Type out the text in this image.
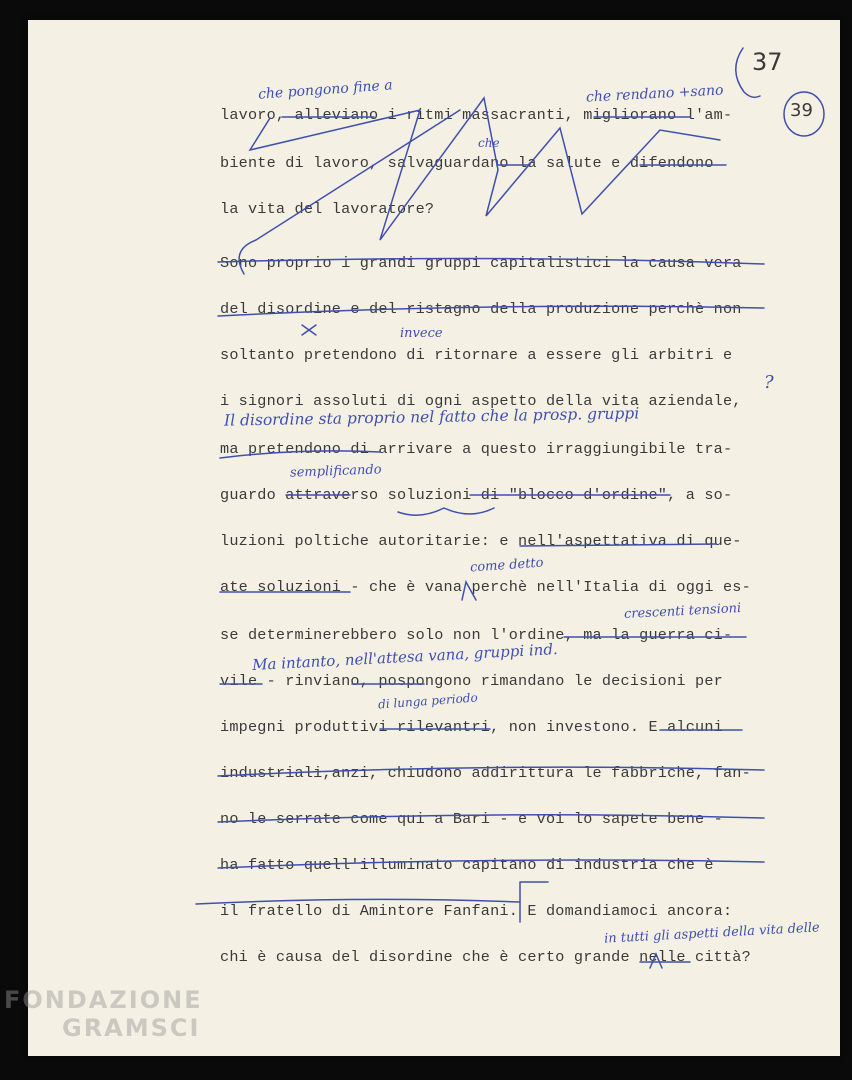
37
39
lavoro, alleviano i ritmi massacranti, migliorano l'am-
biente di lavoro, salvaguardano la salute e difendono
la vita del lavoratore?
Sono proprio i grandi gruppi capitalistici la causa vera
del disordine e del ristagno della produzione perchè non
soltanto pretendono di ritornare a essere gli arbitri e
i signori assoluti di ogni aspetto della vita aziendale,
ma pretendono di arrivare a questo irraggiungibile tra-
guardo attraverso soluzioni di "blocco d'ordine", a so-
luzioni poltiche autoritarie: e nell'aspettativa di que-
ate soluzioni - che è vana perchè nell'Italia di oggi es-
se determinerebbero solo non l'ordine, ma la guerra ci-
vile - rinviano, pospongono rimandano le decisioni per
impegni produttivi rilevantri, non investono. E alcuni
industriali,anzi, chiudono addirittura le fabbriche, fan-
no le serrate come qui a Bari - e voi lo sapete bene -
ha fatto quell'illuminato capitano di industria che è
il fratello di Amintore Fanfani. E domandiamoci ancora:
chi è causa del disordine che è certo grande nelle città?
che pongono fine a	che rendano +sano
che
invece
Il disordine sta proprio nel fatto che la prosp. gruppi
?
semplificando
come detto
crescenti tensioni
Ma intanto, nell'attesa vana, gruppi ind.
di lunga periodo
in tutti gli aspetti della vita delle
FONDAZIONE
GRAMSCI
